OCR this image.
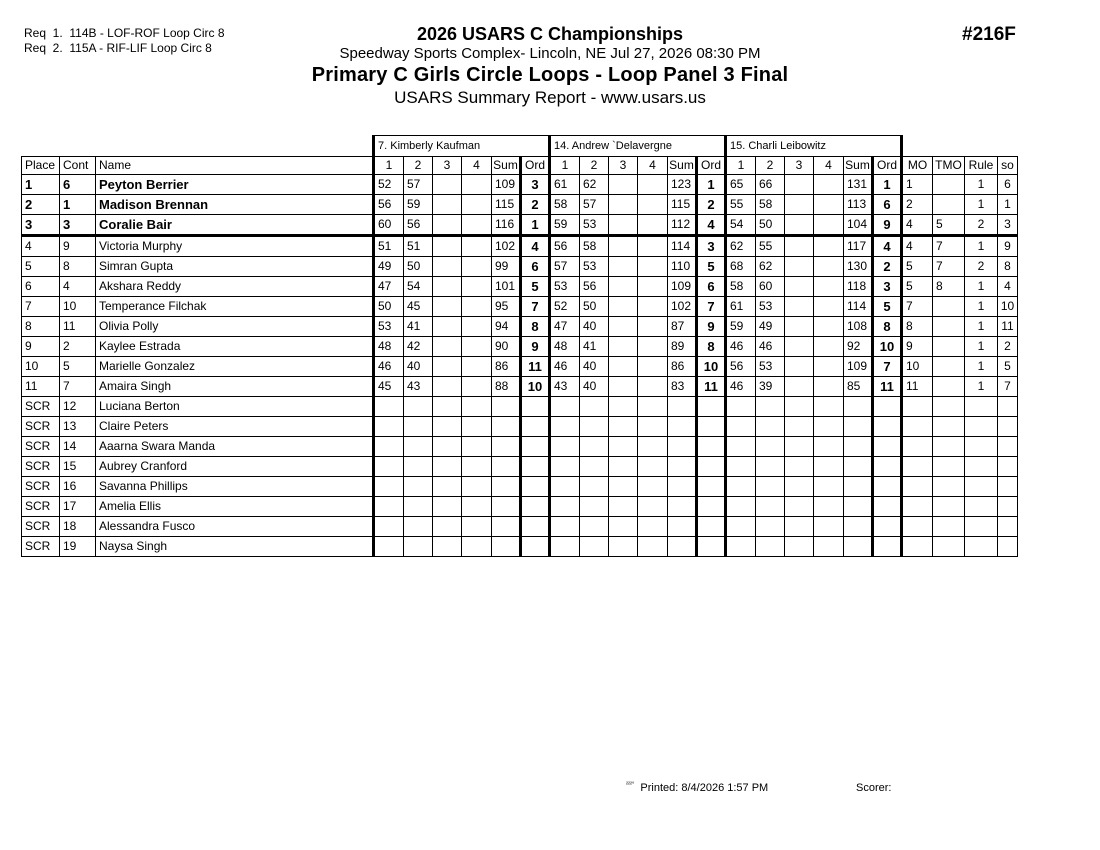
Req  1.  114B - LOF-ROF Loop Circ 8
Req  2.  115A - RIF-LIF Loop Circ 8
2026 USARS C Championships
Speedway Sports Complex- Lincoln, NE Jul 27, 2026 08:30 PM
Primary C Girls Circle Loops - Loop Panel 3 Final
USARS Summary Report - www.usars.us
#216F
			7. Kimberly Kaufman						14. Andrew `Delavergne						15. Charli Leibowitz									
Place	Cont	Name	1	2	3	4	Sum	Ord	1	2	3	4	Sum	Ord	1	2	3	4	Sum	Ord	MO	TMO	Rule	so
1	6	Peyton Berrier	52	57			109	3	61	62			123	1	65	66			131	1	1		1	6
2	1	Madison Brennan	56	59			115	2	58	57			115	2	55	58			113	6	2		1	1
3	3	Coralie Bair	60	56			116	1	59	53			112	4	54	50			104	9	4	5	2	3
4	9	Victoria Murphy	51	51			102	4	56	58			114	3	62	55			117	4	4	7	1	9
5	8	Simran Gupta	49	50			99	6	57	53			110	5	68	62			130	2	5	7	2	8
6	4	Akshara Reddy	47	54			101	5	53	56			109	6	58	60			118	3	5	8	1	4
7	10	Temperance Filchak	50	45			95	7	52	50			102	7	61	53			114	5	7		1	10
8	11	Olivia Polly	53	41			94	8	47	40			87	9	59	49			108	8	8		1	11
9	2	Kaylee Estrada	48	42			90	9	48	41			89	8	46	46			92	10	9		1	2
10	5	Marielle Gonzalez	46	40			86	11	46	40			86	10	56	53			109	7	10		1	5
11	7	Amaira Singh	45	43			88	10	43	40			83	11	46	39			85	11	11		1	7
SCR	12	Luciana Berton																						
SCR	13	Claire Peters																						
SCR	14	Aaarna Swara Manda																						
SCR	15	Aubrey Cranford																						
SCR	16	Savanna Phillips																						
SCR	17	Amelia Ellis																						
SCR	18	Alessandra Fusco																						
SCR	19	Naysa Singh																						
$^{^{222}^\circ}$ Printed: 8/4/2026 1:57 PM	Scorer:
